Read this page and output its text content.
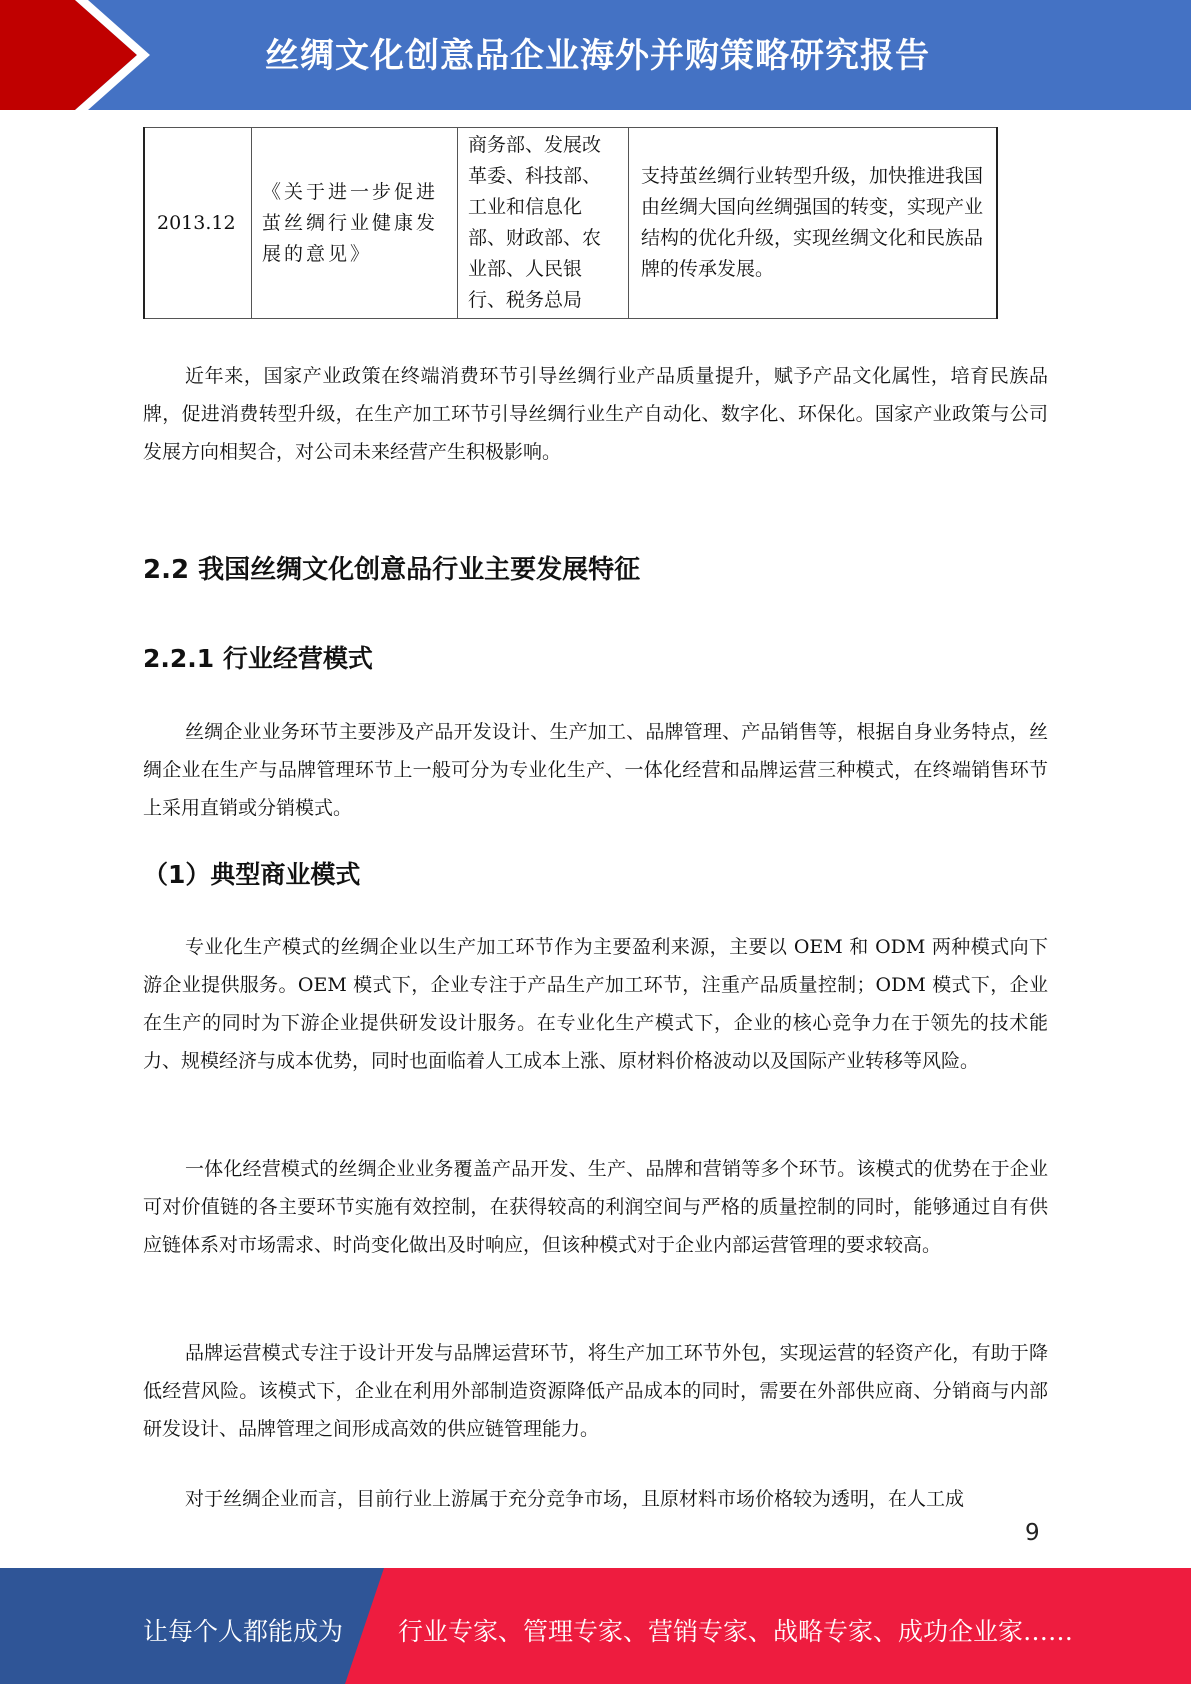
丝绸文化创意品企业海外并购策略研究报告
2013.12	《关于进一步促进 茧丝绸行业健康发 展的意见》	商务部、发展改革委、科技部、工业和信息化部、财政部、农业部、人民银行、税务总局	支持茧丝绸行业转型升级，加快推进我国由丝绸大国向丝绸强国的转变，实现产业结构的优化升级，实现丝绸文化和民族品牌的传承发展。
近年来，国家产业政策在终端消费环节引导丝绸行业产品质量提升，赋予产品文化属性，培育民族品牌，促进消费转型升级，在生产加工环节引导丝绸行业生产自动化、数字化、环保化。国家产业政策与公司发展方向相契合，对公司未来经营产生积极影响。
2.2 我国丝绸文化创意品行业主要发展特征
2.2.1 行业经营模式
丝绸企业业务环节主要涉及产品开发设计、生产加工、品牌管理、产品销售等，根据自身业务特点，丝绸企业在生产与品牌管理环节上一般可分为专业化生产、一体化经营和品牌运营三种模式，在终端销售环节上采用直销或分销模式。
（1）典型商业模式
专业化生产模式的丝绸企业以生产加工环节作为主要盈利来源，主要以 OEM 和 ODM 两种模式向下游企业提供服务。OEM 模式下，企业专注于产品生产加工环节，注重产品质量控制；ODM 模式下，企业在生产的同时为下游企业提供研发设计服务。在专业化生产模式下，企业的核心竞争力在于领先的技术能力、规模经济与成本优势，同时也面临着人工成本上涨、原材料价格波动以及国际产业转移等风险。
一体化经营模式的丝绸企业业务覆盖产品开发、生产、品牌和营销等多个环节。该模式的优势在于企业可对价值链的各主要环节实施有效控制，在获得较高的利润空间与严格的质量控制的同时，能够通过自有供应链体系对市场需求、时尚变化做出及时响应，但该种模式对于企业内部运营管理的要求较高。
品牌运营模式专注于设计开发与品牌运营环节，将生产加工环节外包，实现运营的轻资产化，有助于降低经营风险。该模式下，企业在利用外部制造资源降低产品成本的同时，需要在外部供应商、分销商与内部研发设计、品牌管理之间形成高效的供应链管理能力。
对于丝绸企业而言，目前行业上游属于充分竞争市场，且原材料市场价格较为透明，在人工成
9
让每个人都能成为 行业专家、管理专家、营销专家、战略专家、成功企业家……
